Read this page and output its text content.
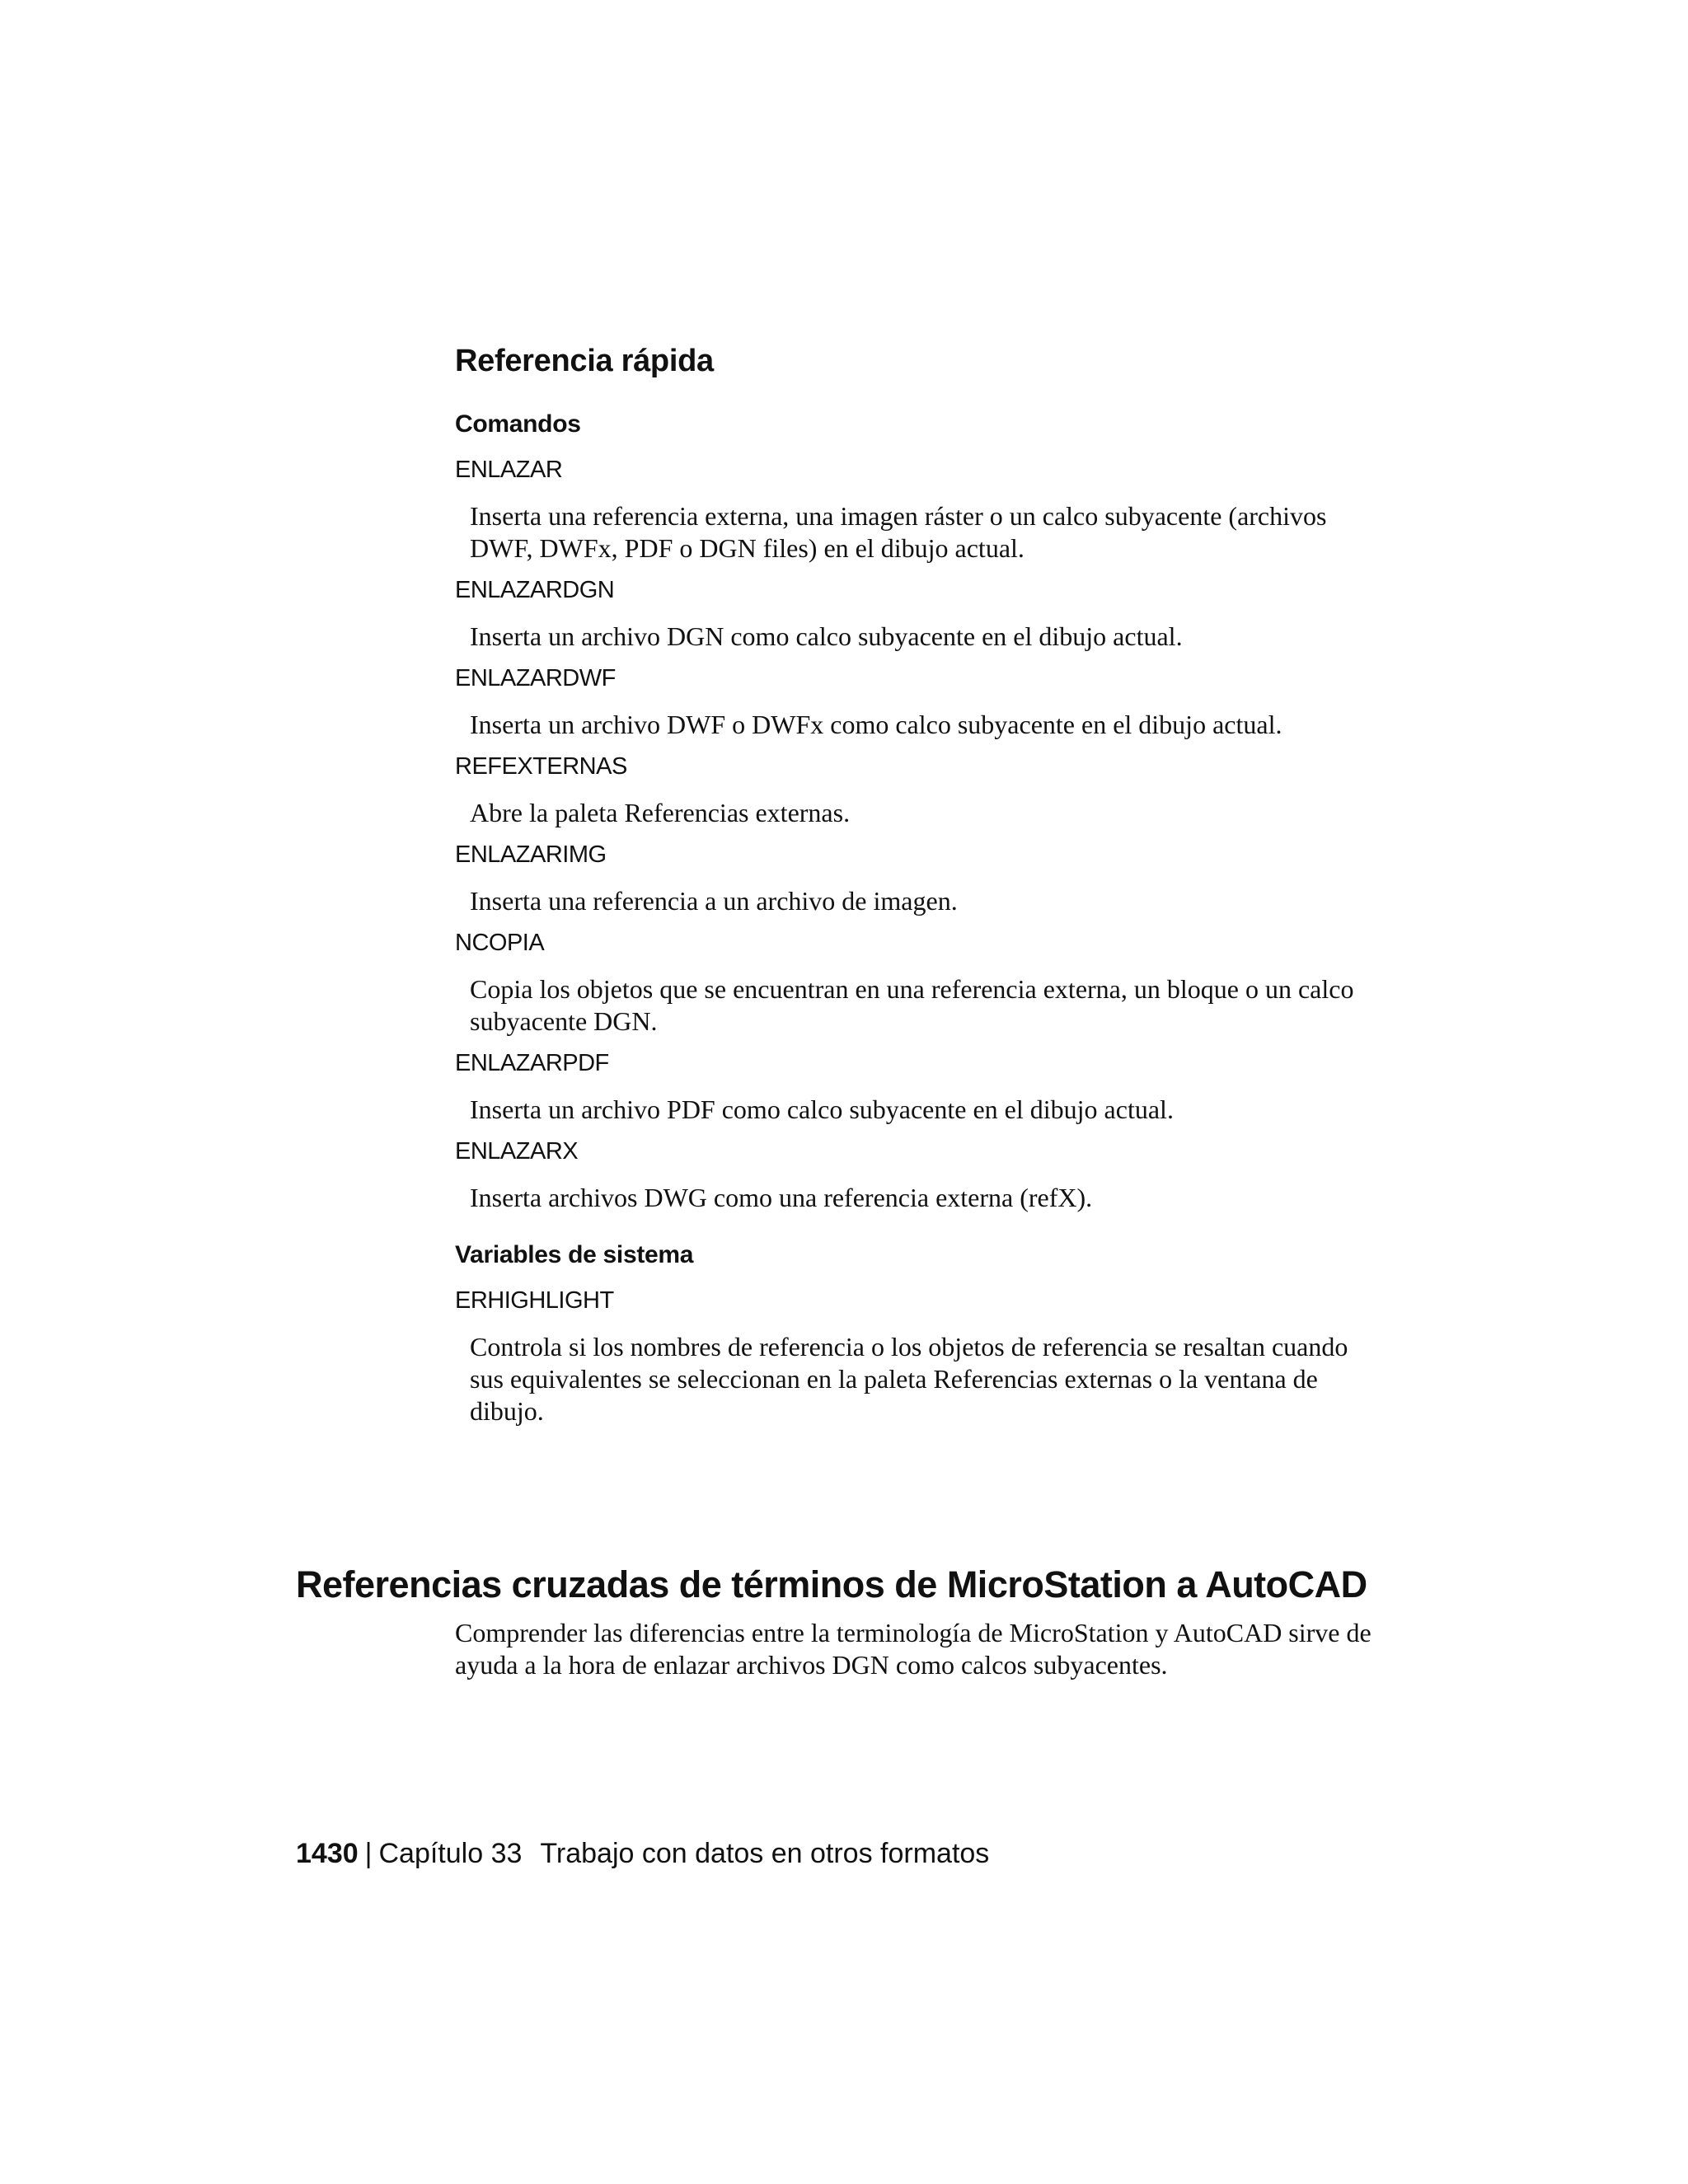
Referencia rápida
Comandos
ENLAZAR
Inserta una referencia externa, una imagen ráster o un calco subyacente (archivos DWF, DWFx, PDF o DGN files) en el dibujo actual.
ENLAZARDGN
Inserta un archivo DGN como calco subyacente en el dibujo actual.
ENLAZARDWF
Inserta un archivo DWF o DWFx como calco subyacente en el dibujo actual.
REFEXTERNAS
Abre la paleta Referencias externas.
ENLAZARIMG
Inserta una referencia a un archivo de imagen.
NCOPIA
Copia los objetos que se encuentran en una referencia externa, un bloque o un calco subyacente DGN.
ENLAZARPDF
Inserta un archivo PDF como calco subyacente en el dibujo actual.
ENLAZARX
Inserta archivos DWG como una referencia externa (refX).
Variables de sistema
ERHIGHLIGHT
Controla si los nombres de referencia o los objetos de referencia se resaltan cuando sus equivalentes se seleccionan en la paleta Referencias externas o la ventana de dibujo.
Referencias cruzadas de términos de MicroStation a AutoCAD

Comprender las diferencias entre la terminología de MicroStation y AutoCAD sirve de ayuda a la hora de enlazar archivos DGN como calcos subyacentes.

1430 | Capítulo 33 Trabajo con datos en otros formatos
